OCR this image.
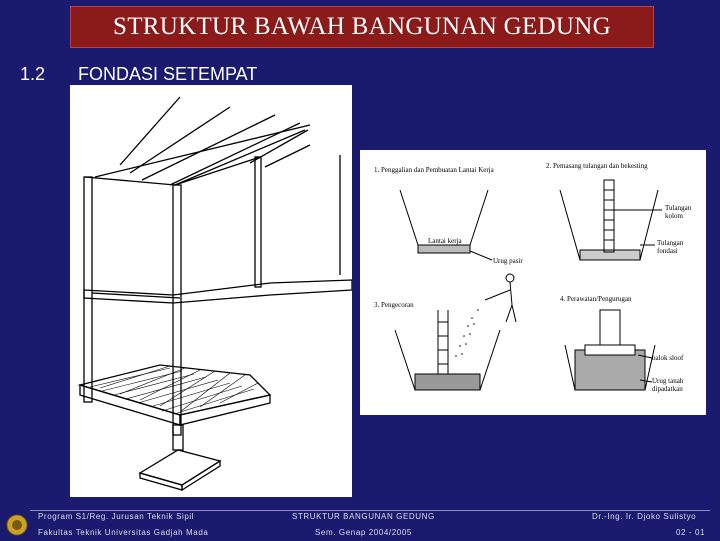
STRUKTUR BAWAH BANGUNAN GEDUNG
1.2 FONDASI SETEMPAT
1. Penggalian dan Pembuatan Lantai Kerja	2. Pemasang tulangan dan bekesting
3. Pengecoran
4. Perawatan/Pengurugan
Lantai kerja
Urug pasir
Tulangan
kolom
Tulangan
fondasi
balok sloof
Urug tanah
dipadatkan
Program S1/Reg. Jurusan Teknik Sipil
Fakultas Teknik Universitas Gadjah Mada
STRUKTUR BANGUNAN GEDUNG
Sem. Genap 2004/2005
Dr.-Ing. Ir. Djoko Sulistyo
02 - 01
